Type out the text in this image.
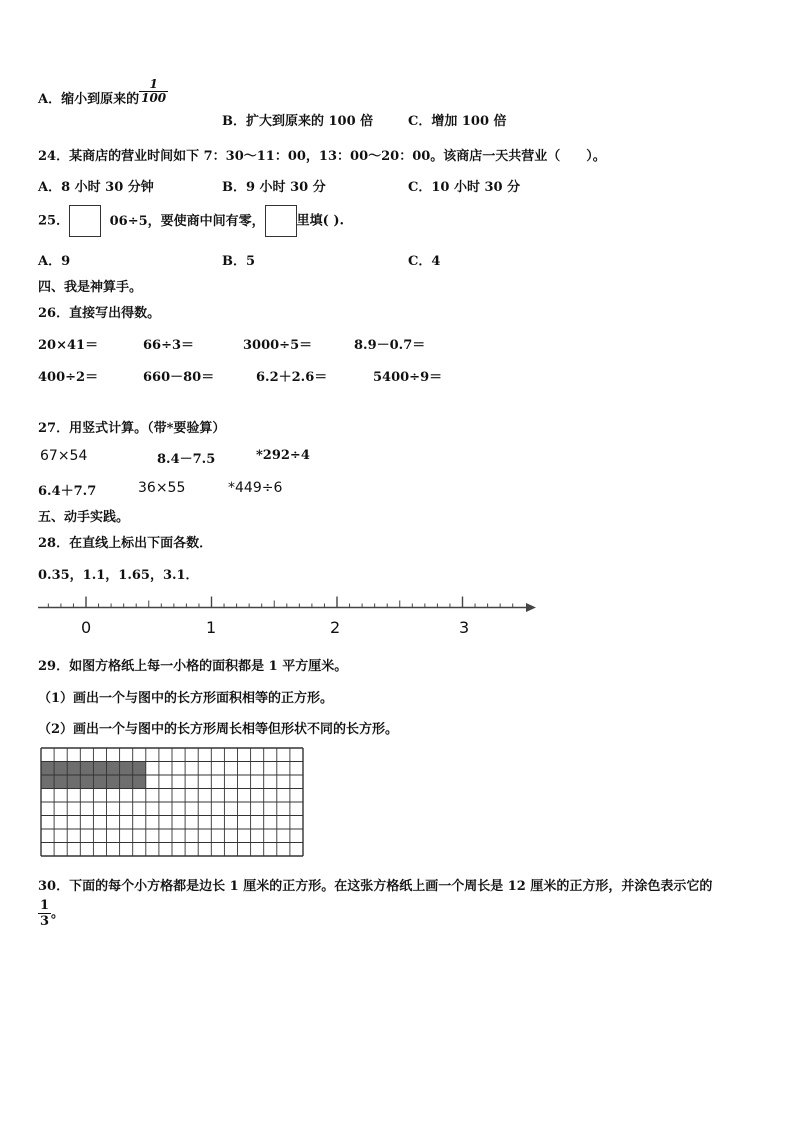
A．缩小到原来的 $\frac{1}{100}$
B．扩大到原来的 100 倍	C．增加 100 倍
24．某商店的营业时间如下 7：30～11：00，13：00～20：00。该商店一天共营业（　　）。
A．8 小时 30 分钟	B．9 小时 30 分	C．10 小时 30 分
25．	06÷5，要使商中间有零， 里填( ).
A．9	B．5	C．4
四、我是神算手。
26．直接写出得数。
20×41＝	66÷3＝	3000÷5＝	8.9－0.7＝
400÷2＝	660－80＝	6.2＋2.6＝	5400÷9＝
27．用竖式计算。（带*要验算）
67×54	8.4－7.5	*292÷4
6.4＋7.7	36×55	*449÷6
五、动手实践。
28．在直线上标出下面各数．
0.35，1.1，1.65，3.1．
0	1	2	3
29．如图方格纸上每一小格的面积都是 1 平方厘米。
（1）画出一个与图中的长方形面积相等的正方形。
（2）画出一个与图中的长方形周长相等但形状不同的长方形。
30．下面的每个小方格都是边长 1 厘米的正方形。在这张方格纸上画一个周长是 12 厘米的正方形，并涂色表示它的
$\frac{1}{3}$ 。
